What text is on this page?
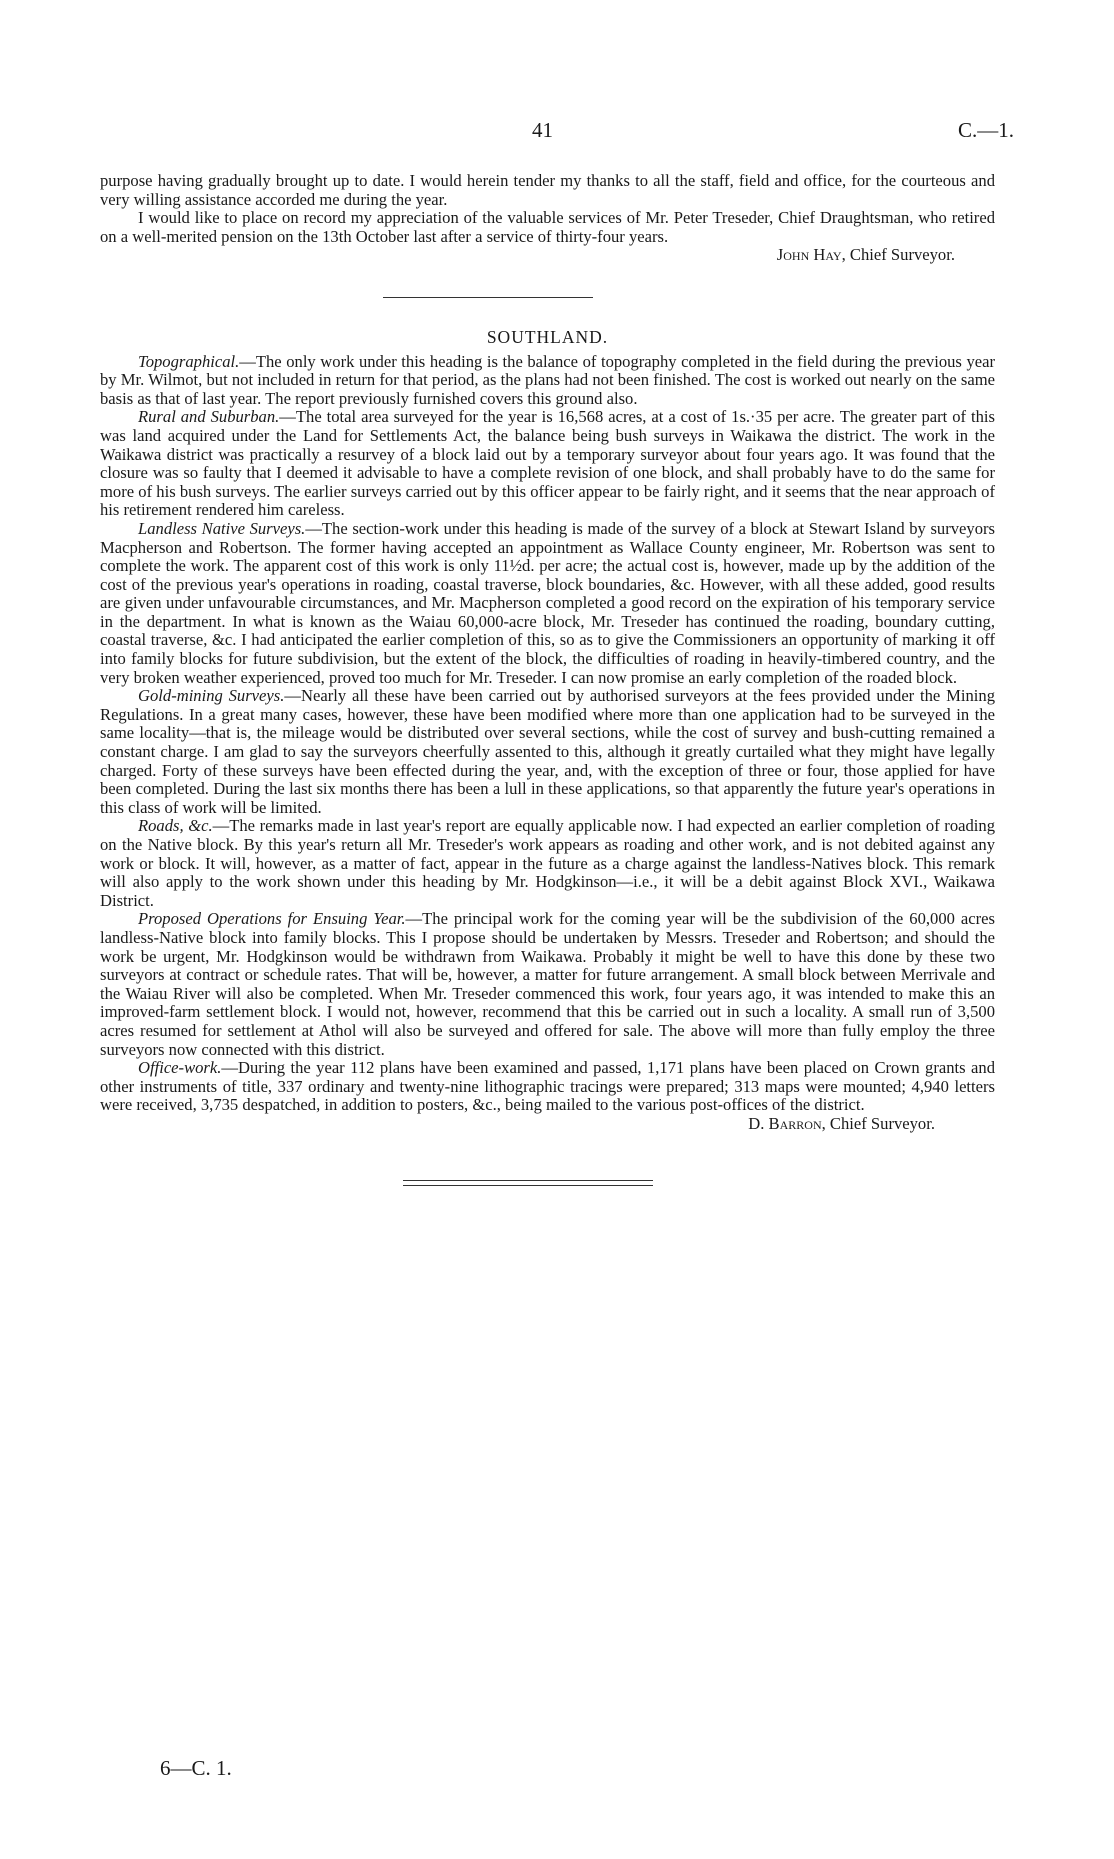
41	C.—1.

purpose having gradually brought up to date. I would herein tender my thanks to all the staff, field and office, for the courteous and very willing assistance accorded me during the year.

I would like to place on record my appreciation of the valuable services of Mr. Peter Treseder, Chief Draughtsman, who retired on a well-merited pension on the 13th October last after a service of thirty-four years.

John Hay, Chief Surveyor.
SOUTHLAND.

Topographical.—The only work under this heading is the balance of topography completed in the field during the previous year by Mr. Wilmot, but not included in return for that period, as the plans had not been finished. The cost is worked out nearly on the same basis as that of last year. The report previously furnished covers this ground also.

Rural and Suburban.—The total area surveyed for the year is 16,568 acres, at a cost of 1s.·35 per acre. The greater part of this was land acquired under the Land for Settlements Act, the balance being bush surveys in Waikawa the district. The work in the Waikawa district was practically a resurvey of a block laid out by a temporary surveyor about four years ago. It was found that the closure was so faulty that I deemed it advisable to have a complete revision of one block, and shall probably have to do the same for more of his bush surveys. The earlier surveys carried out by this officer appear to be fairly right, and it seems that the near approach of his retirement rendered him careless.

Landless Native Surveys.—The section-work under this heading is made of the survey of a block at Stewart Island by surveyors Macpherson and Robertson. The former having accepted an appointment as Wallace County engineer, Mr. Robertson was sent to complete the work. The apparent cost of this work is only 11½d. per acre; the actual cost is, however, made up by the addition of the cost of the previous year's operations in roading, coastal traverse, block boundaries, &c. However, with all these added, good results are given under unfavourable circumstances, and Mr. Macpherson completed a good record on the expiration of his temporary service in the department. In what is known as the Waiau 60,000-acre block, Mr. Treseder has continued the roading, boundary cutting, coastal traverse, &c. I had anticipated the earlier completion of this, so as to give the Commissioners an opportunity of marking it off into family blocks for future subdivision, but the extent of the block, the difficulties of roading in heavily-timbered country, and the very broken weather experienced, proved too much for Mr. Treseder. I can now promise an early completion of the roaded block.

Gold-mining Surveys.—Nearly all these have been carried out by authorised surveyors at the fees provided under the Mining Regulations. In a great many cases, however, these have been modified where more than one application had to be surveyed in the same locality—that is, the mileage would be distributed over several sections, while the cost of survey and bush-cutting remained a constant charge. I am glad to say the surveyors cheerfully assented to this, although it greatly curtailed what they might have legally charged. Forty of these surveys have been effected during the year, and, with the exception of three or four, those applied for have been completed. During the last six months there has been a lull in these applications, so that apparently the future year's operations in this class of work will be limited.

Roads, &c.—The remarks made in last year's report are equally applicable now. I had expected an earlier completion of roading on the Native block. By this year's return all Mr. Treseder's work appears as roading and other work, and is not debited against any work or block. It will, however, as a matter of fact, appear in the future as a charge against the landless-Natives block. This remark will also apply to the work shown under this heading by Mr. Hodgkinson—i.e., it will be a debit against Block XVI., Waikawa District.

Proposed Operations for Ensuing Year.—The principal work for the coming year will be the subdivision of the 60,000 acres landless-Native block into family blocks. This I propose should be undertaken by Messrs. Treseder and Robertson; and should the work be urgent, Mr. Hodgkinson would be withdrawn from Waikawa. Probably it might be well to have this done by these two surveyors at contract or schedule rates. That will be, however, a matter for future arrangement. A small block between Merrivale and the Waiau River will also be completed. When Mr. Treseder commenced this work, four years ago, it was intended to make this an improved-farm settlement block. I would not, however, recommend that this be carried out in such a locality. A small run of 3,500 acres resumed for settlement at Athol will also be surveyed and offered for sale. The above will more than fully employ the three surveyors now connected with this district.

Office-work.—During the year 112 plans have been examined and passed, 1,171 plans have been placed on Crown grants and other instruments of title, 337 ordinary and twenty-nine lithographic tracings were prepared; 313 maps were mounted; 4,940 letters were received, 3,735 despatched, in addition to posters, &c., being mailed to the various post-offices of the district.

D. Barron, Chief Surveyor.
6—C. 1.
